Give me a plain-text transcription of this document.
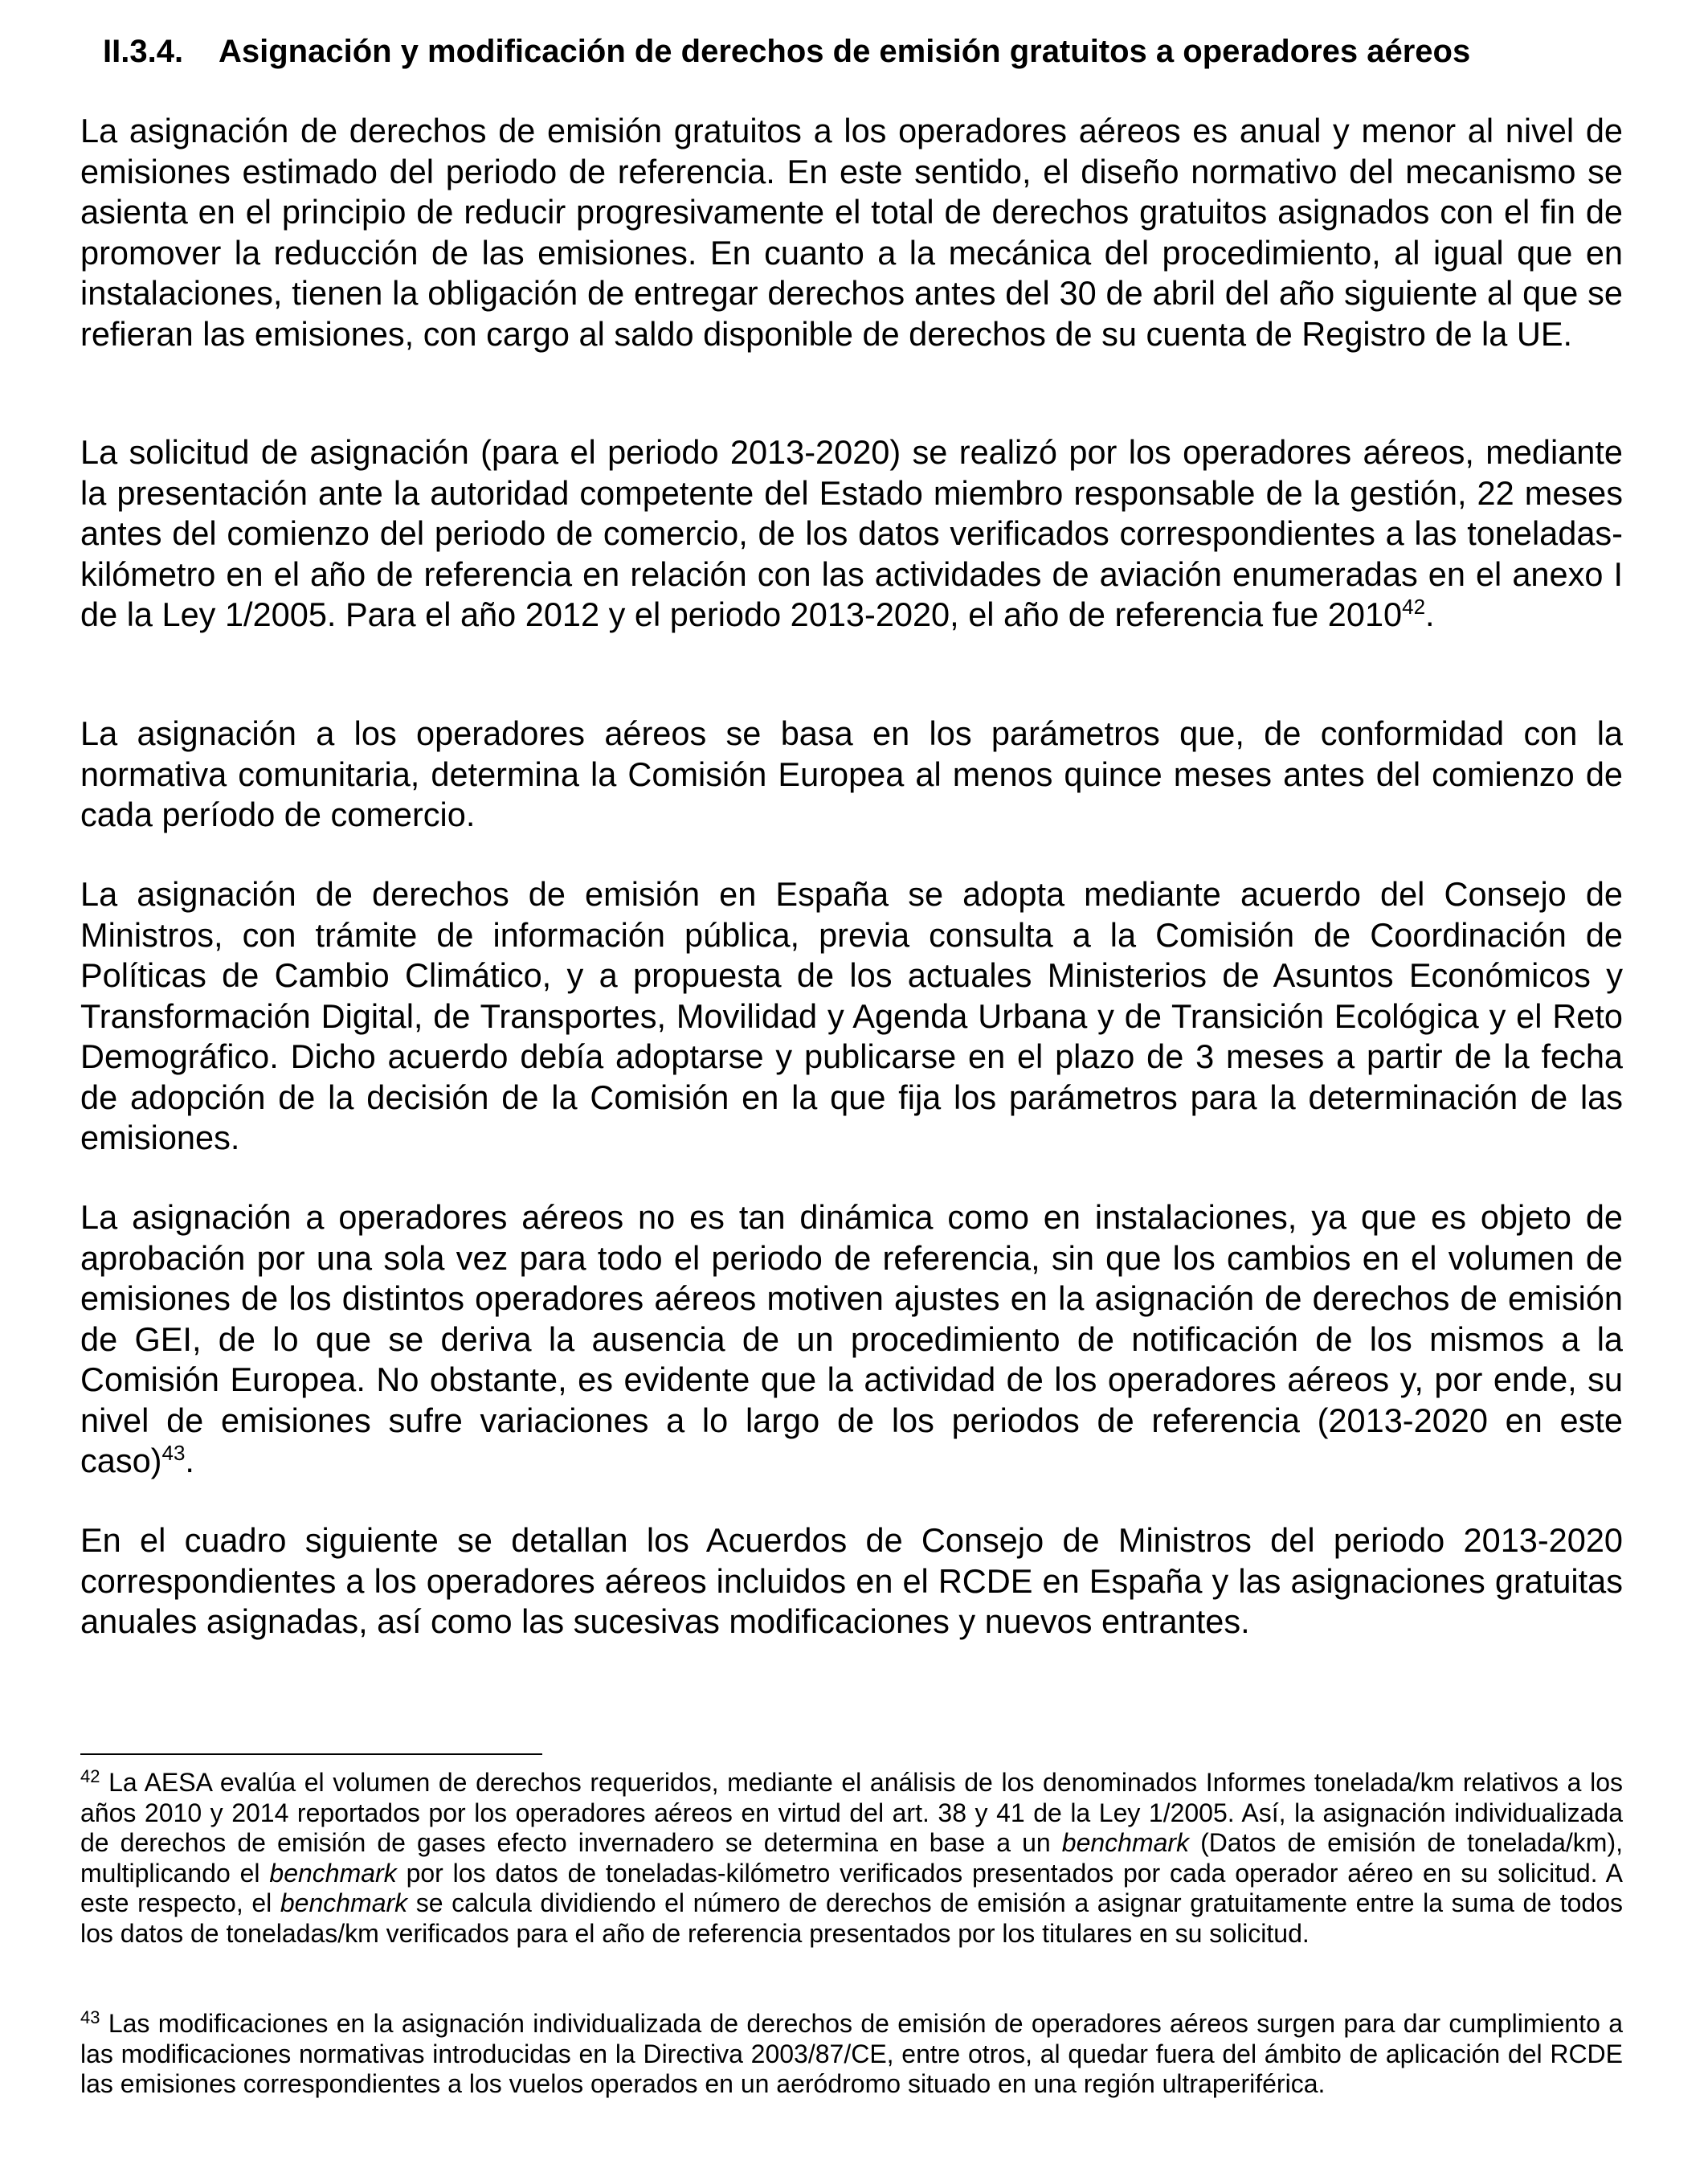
II.3.4. Asignación y modificación de derechos de emisión gratuitos a operadores aéreos

La asignación de derechos de emisión gratuitos a los operadores aéreos es anual y menor al nivel de emisiones estimado del periodo de referencia. En este sentido, el diseño normativo del mecanismo se asienta en el principio de reducir progresivamente el total de derechos gratuitos asignados con el fin de promover la reducción de las emisiones. En cuanto a la mecánica del procedimiento, al igual que en instalaciones, tienen la obligación de entregar derechos antes del 30 de abril del año siguiente al que se refieran las emisiones, con cargo al saldo disponible de derechos de su cuenta de Registro de la UE.

La solicitud de asignación (para el periodo 2013-2020) se realizó por los operadores aéreos, mediante la presentación ante la autoridad competente del Estado miembro responsable de la gestión, 22 meses antes del comienzo del periodo de comercio, de los datos verificados correspondientes a las toneladas-kilómetro en el año de referencia en relación con las actividades de aviación enumeradas en el anexo I de la Ley 1/2005. Para el año 2012 y el periodo 2013-2020, el año de referencia fue 2010$^{42}$.

La asignación a los operadores aéreos se basa en los parámetros que, de conformidad con la normativa comunitaria, determina la Comisión Europea al menos quince meses antes del comienzo de cada período de comercio.

La asignación de derechos de emisión en España se adopta mediante acuerdo del Consejo de Ministros, con trámite de información pública, previa consulta a la Comisión de Coordinación de Políticas de Cambio Climático, y a propuesta de los actuales Ministerios de Asuntos Económicos y Transformación Digital, de Transportes, Movilidad y Agenda Urbana y de Transición Ecológica y el Reto Demográfico. Dicho acuerdo debía adoptarse y publicarse en el plazo de 3 meses a partir de la fecha de adopción de la decisión de la Comisión en la que fija los parámetros para la determinación de las emisiones.

La asignación a operadores aéreos no es tan dinámica como en instalaciones, ya que es objeto de aprobación por una sola vez para todo el periodo de referencia, sin que los cambios en el volumen de emisiones de los distintos operadores aéreos motiven ajustes en la asignación de derechos de emisión de GEI, de lo que se deriva la ausencia de un procedimiento de notificación de los mismos a la Comisión Europea. No obstante, es evidente que la actividad de los operadores aéreos y, por ende, su nivel de emisiones sufre variaciones a lo largo de los periodos de referencia (2013-2020 en este caso)$^{43}$.

En el cuadro siguiente se detallan los Acuerdos de Consejo de Ministros del periodo 2013-2020 correspondientes a los operadores aéreos incluidos en el RCDE en España y las asignaciones gratuitas anuales asignadas, así como las sucesivas modificaciones y nuevos entrantes.

$^{42}$ La AESA evalúa el volumen de derechos requeridos, mediante el análisis de los denominados Informes tonelada/km relativos a los años 2010 y 2014 reportados por los operadores aéreos en virtud del art. 38 y 41 de la Ley 1/2005. Así, la asignación individualizada de derechos de emisión de gases efecto invernadero se determina en base a un benchmark (Datos de emisión de tonelada/km), multiplicando el benchmark por los datos de toneladas-kilómetro verificados presentados por cada operador aéreo en su solicitud. A este respecto, el benchmark se calcula dividiendo el número de derechos de emisión a asignar gratuitamente entre la suma de todos los datos de toneladas/km verificados para el año de referencia presentados por los titulares en su solicitud.

$^{43}$ Las modificaciones en la asignación individualizada de derechos de emisión de operadores aéreos surgen para dar cumplimiento a las modificaciones normativas introducidas en la Directiva 2003/87/CE, entre otros, al quedar fuera del ámbito de aplicación del RCDE las emisiones correspondientes a los vuelos operados en un aeródromo situado en una región ultraperiférica.
